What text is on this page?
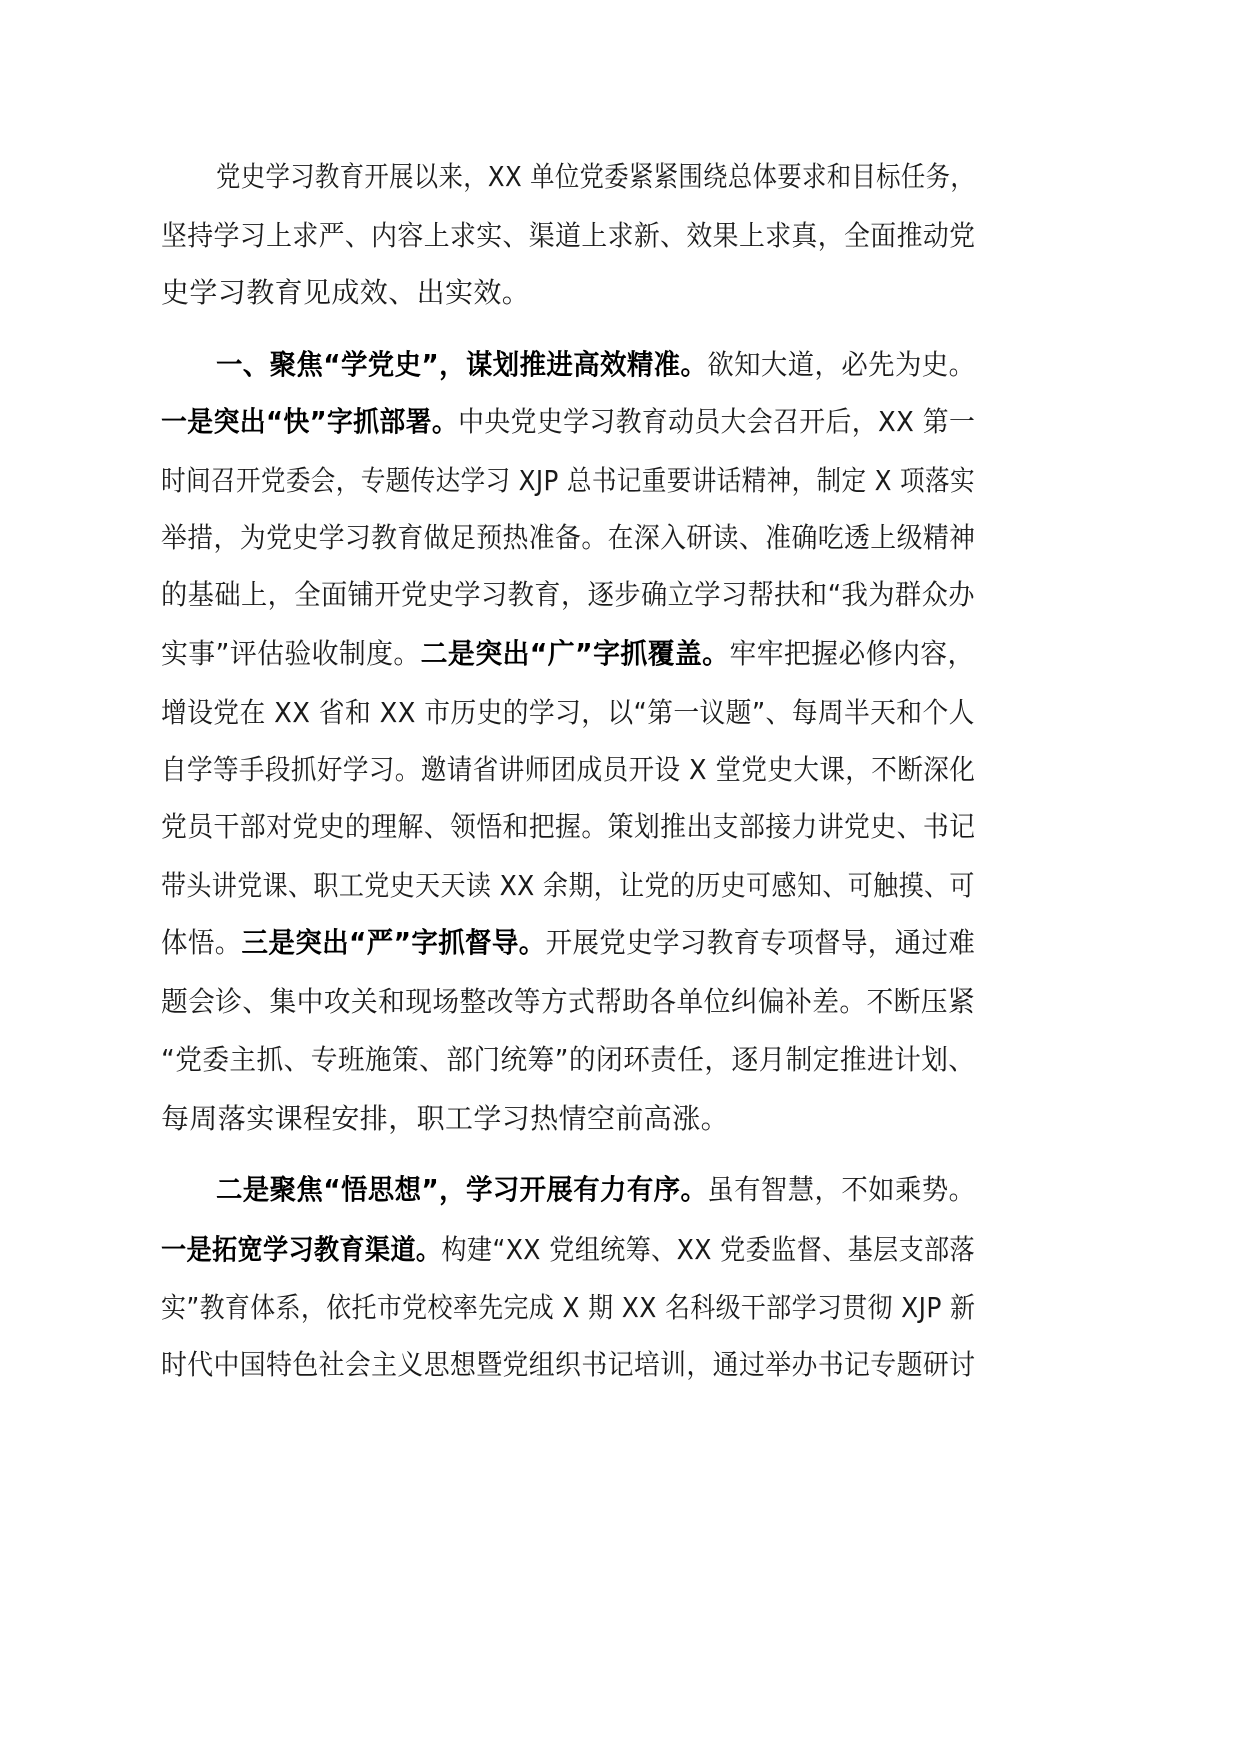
党史学习教育开展以来，XX 单位党委紧紧围绕总体要求和目标任务，
坚持学习上求严、内容上求实、渠道上求新、效果上求真，全面推动党
史学习教育见成效、出实效。
一、聚焦“学党史”，谋划推进高效精准。欲知大道，必先为史。
一是突出“快”字抓部署。中央党史学习教育动员大会召开后，XX 第一
时间召开党委会，专题传达学习 XJP 总书记重要讲话精神，制定 X 项落实
举措，为党史学习教育做足预热准备。在深入研读、准确吃透上级精神
的基础上，全面铺开党史学习教育，逐步确立学习帮扶和“我为群众办
实事”评估验收制度。二是突出“广”字抓覆盖。牢牢把握必修内容，
增设党在 XX 省和 XX 市历史的学习，以“第一议题”、每周半天和个人
自学等手段抓好学习。邀请省讲师团成员开设 X 堂党史大课，不断深化
党员干部对党史的理解、领悟和把握。策划推出支部接力讲党史、书记
带头讲党课、职工党史天天读 XX 余期，让党的历史可感知、可触摸、可
体悟。三是突出“严”字抓督导。开展党史学习教育专项督导，通过难
题会诊、集中攻关和现场整改等方式帮助各单位纠偏补差。不断压紧
“党委主抓、专班施策、部门统筹”的闭环责任，逐月制定推进计划、
每周落实课程安排，职工学习热情空前高涨。
二是聚焦“悟思想”，学习开展有力有序。虽有智慧，不如乘势。
一是拓宽学习教育渠道。构建“XX 党组统筹、XX 党委监督、基层支部落
实”教育体系，依托市党校率先完成 X 期 XX 名科级干部学习贯彻 XJP 新
时代中国特色社会主义思想暨党组织书记培训，通过举办书记专题研讨
